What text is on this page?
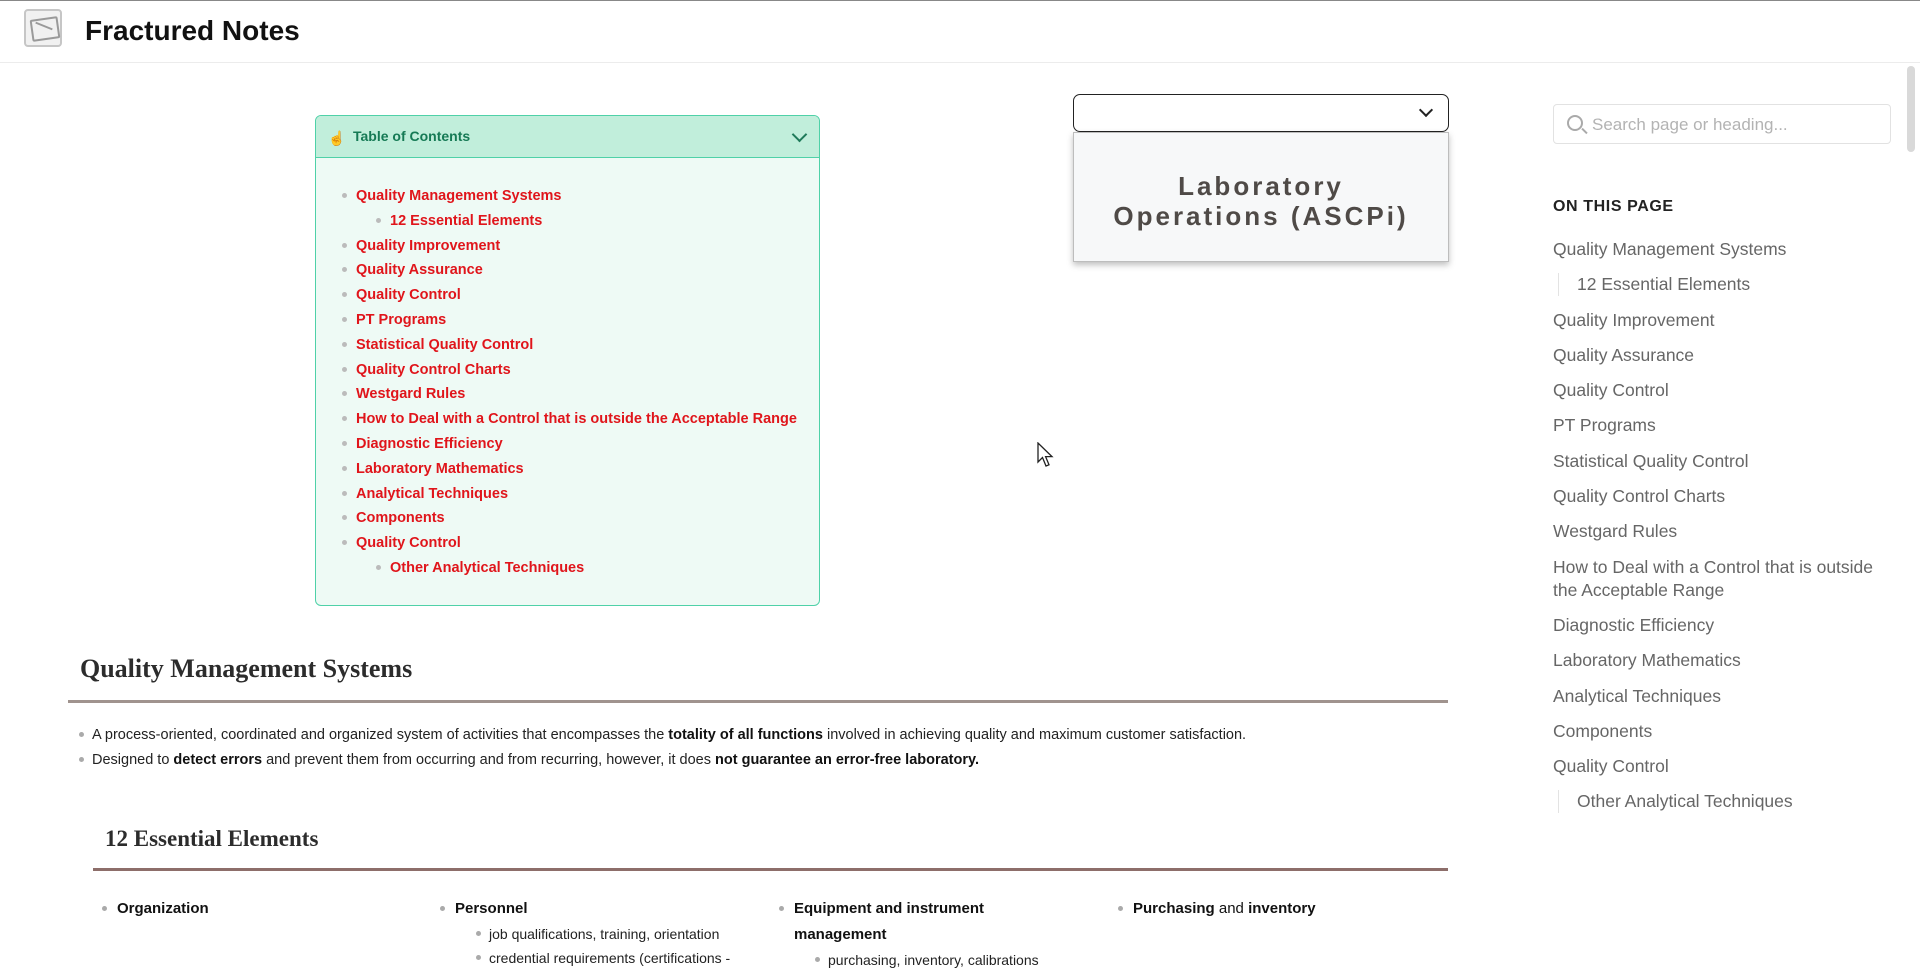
Fractured Notes
☝ Table of Contents
Quality Management Systems
12 Essential Elements
Quality Improvement
Quality Assurance
Quality Control
PT Programs
Statistical Quality Control
Quality Control Charts
Westgard Rules
How to Deal with a Control that is outside the Acceptable Range
Diagnostic Efficiency
Laboratory Mathematics
Analytical Techniques
Components
Quality Control
Other Analytical Techniques
Laboratory
Operations (ASCPi)
Search page or heading...	ON THIS PAGE
Quality Management Systems
12 Essential Elements
Quality Improvement
Quality Assurance
Quality Control
PT Programs
Statistical Quality Control
Quality Control Charts
Westgard Rules
How to Deal with a Control that is outside the Acceptable Range
Diagnostic Efficiency
Laboratory Mathematics
Analytical Techniques
Components
Quality Control
Other Analytical Techniques
Quality Management Systems
A process-oriented, coordinated and organized system of activities that encompasses the totality of all functions involved in achieving quality and maximum customer satisfaction.
Designed to detect errors and prevent them from occurring and from recurring, however, it does not guarantee an error-free laboratory.
12 Essential Elements
Organization	Personnel
job qualifications, training, orientation
credential requirements (certifications -
Equipment and instrument management
purchasing, inventory, calibrations
Purchasing and inventory
